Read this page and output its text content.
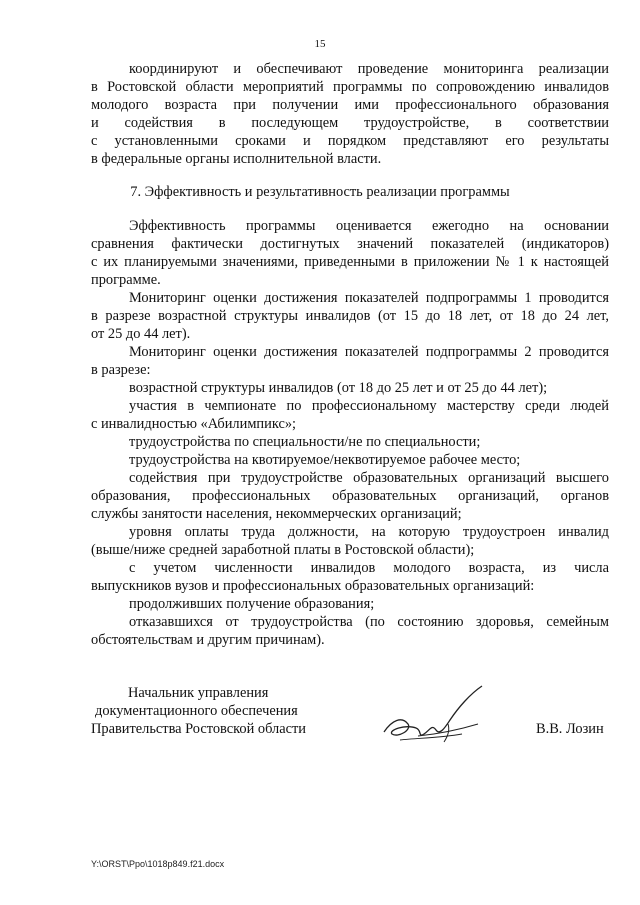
15
координируют и обеспечивают проведение мониторинга реализации
в Ростовской области мероприятий программы по сопровождению инвалидов
молодого возраста при получении ими профессионального образования
и содействия в последующем трудоустройстве, в соответствии
с установленными сроками и порядком представляют его результаты
в федеральные органы исполнительной власти.
7. Эффективность и результативность реализации программы
Эффективность программы оценивается ежегодно на основании
сравнения фактически достигнутых значений показателей (индикаторов)
с их планируемыми значениями, приведенными в приложении № 1 к настоящей
программе.
Мониторинг оценки достижения показателей подпрограммы 1 проводится
в разрезе возрастной структуры инвалидов (от 15 до 18 лет, от 18 до 24 лет,
от 25 до 44 лет).
Мониторинг оценки достижения показателей подпрограммы 2 проводится
в разрезе:
возрастной структуры инвалидов (от 18 до 25 лет и от 25 до 44 лет);
участия в чемпионате по профессиональному мастерству среди людей
с инвалидностью «Абилимпикс»;
трудоустройства по специальности/не по специальности;
трудоустройства на квотируемое/неквотируемое рабочее место;
содействия при трудоустройстве образовательных организаций высшего
образования, профессиональных образовательных организаций, органов
службы занятости населения, некоммерческих организаций;
уровня оплаты труда должности, на которую трудоустроен инвалид
(выше/ниже средней заработной платы в Ростовской области);
с учетом численности инвалидов молодого возраста, из числа
выпускников вузов и профессиональных образовательных организаций:
продолживших получение образования;
отказавшихся от трудоустройства (по состоянию здоровья, семейным
обстоятельствам и другим причинам).
Начальник управления
документационного обеспечения
Правительства Ростовской области	В.В. Лозин
Y:\ORST\Ppo\1018p849.f21.docx
